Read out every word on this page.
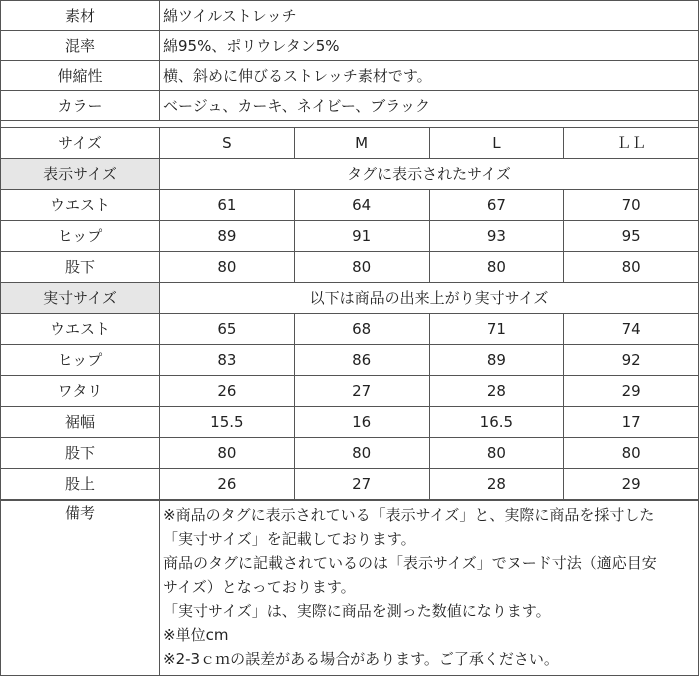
素材	綿ツイルストレッチ
混率	綿95%、ポリウレタン5%
伸縮性	横、斜めに伸びるストレッチ素材です。
カラー	ベージュ、カーキ、ネイビー、ブラック
サイズ	S	M	L	ＬＬ
表示サイズ	タグに表示されたサイズ			
ウエスト	61	64	67	70
ヒップ	89	91	93	95
股下	80	80	80	80
実寸サイズ	以下は商品の出来上がり実寸サイズ			
ウエスト	65	68	71	74
ヒップ	83	86	89	92
ワタリ	26	27	28	29
裾幅	15.5	16	16.5	17
股下	80	80	80	80
股上	26	27	28	29
備考	※商品のタグに表示されている「表示サイズ」と、実際に商品を採寸した
「実寸サイズ」を記載しております。
商品のタグに記載されているのは「表示サイズ」でヌード寸法（適応目安
サイズ）となっております。
「実寸サイズ」は、実際に商品を測った数値になります。
※単位cm
※2-3ｃｍの誤差がある場合があります。ご了承ください。
